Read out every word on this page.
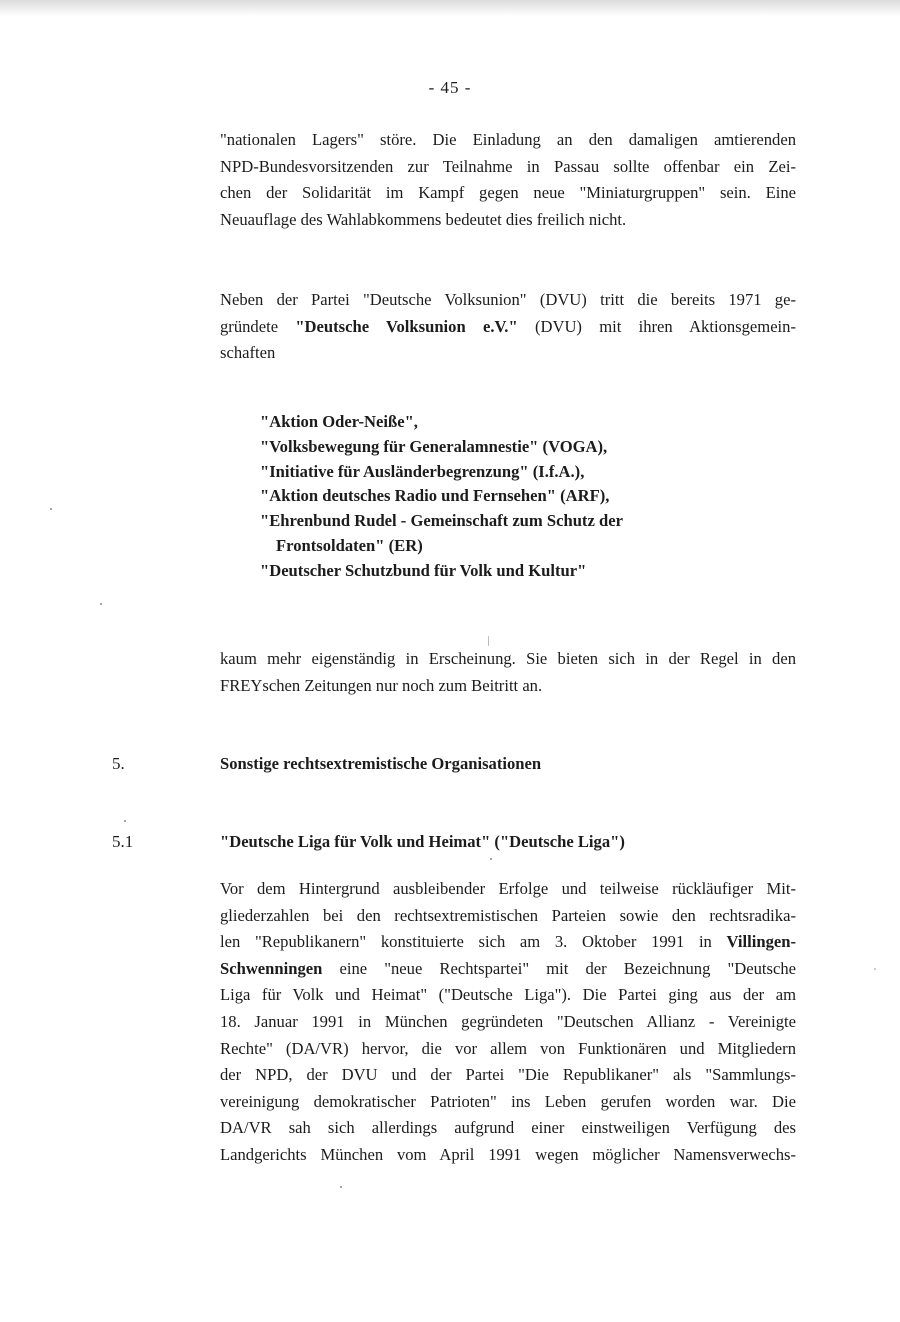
- 45 -
"nationalen Lagers" störe. Die Einladung an den damaligen amtierenden
NPD-Bundesvorsitzenden zur Teilnahme in Passau sollte offenbar ein Zei-
chen der Solidarität im Kampf gegen neue "Miniaturgruppen" sein. Eine
Neuauflage des Wahlabkommens bedeutet dies freilich nicht.
Neben der Partei "Deutsche Volksunion" (DVU) tritt die bereits 1971 ge-
gründete "Deutsche Volksunion e.V." (DVU) mit ihren Aktionsgemein-
schaften
"Aktion Oder-Neiße",
"Volksbewegung für Generalamnestie" (VOGA),
"Initiative für Ausländerbegrenzung" (I.f.A.),
"Aktion deutsches Radio und Fernsehen" (ARF),
"Ehrenbund Rudel - Gemeinschaft zum Schutz der
Frontsoldaten" (ER)
"Deutscher Schutzbund für Volk und Kultur"
kaum mehr eigenständig in Erscheinung. Sie bieten sich in der Regel in den
FREYschen Zeitungen nur noch zum Beitritt an.
5.	Sonstige rechtsextremistische Organisationen
5.1	"Deutsche Liga für Volk und Heimat" ("Deutsche Liga")
Vor dem Hintergrund ausbleibender Erfolge und teilweise rückläufiger Mit-
gliederzahlen bei den rechtsextremistischen Parteien sowie den rechtsradika-
len "Republikanern" konstituierte sich am 3. Oktober 1991 in Villingen-
Schwenningen eine "neue Rechtspartei" mit der Bezeichnung "Deutsche
Liga für Volk und Heimat" ("Deutsche Liga"). Die Partei ging aus der am
18. Januar 1991 in München gegründeten "Deutschen Allianz - Vereinigte
Rechte" (DA/VR) hervor, die vor allem von Funktionären und Mitgliedern
der NPD, der DVU und der Partei "Die Republikaner" als "Sammlungs-
vereinigung demokratischer Patrioten" ins Leben gerufen worden war. Die
DA/VR sah sich allerdings aufgrund einer einstweiligen Verfügung des
Landgerichts München vom April 1991 wegen möglicher Namensverwechs-
